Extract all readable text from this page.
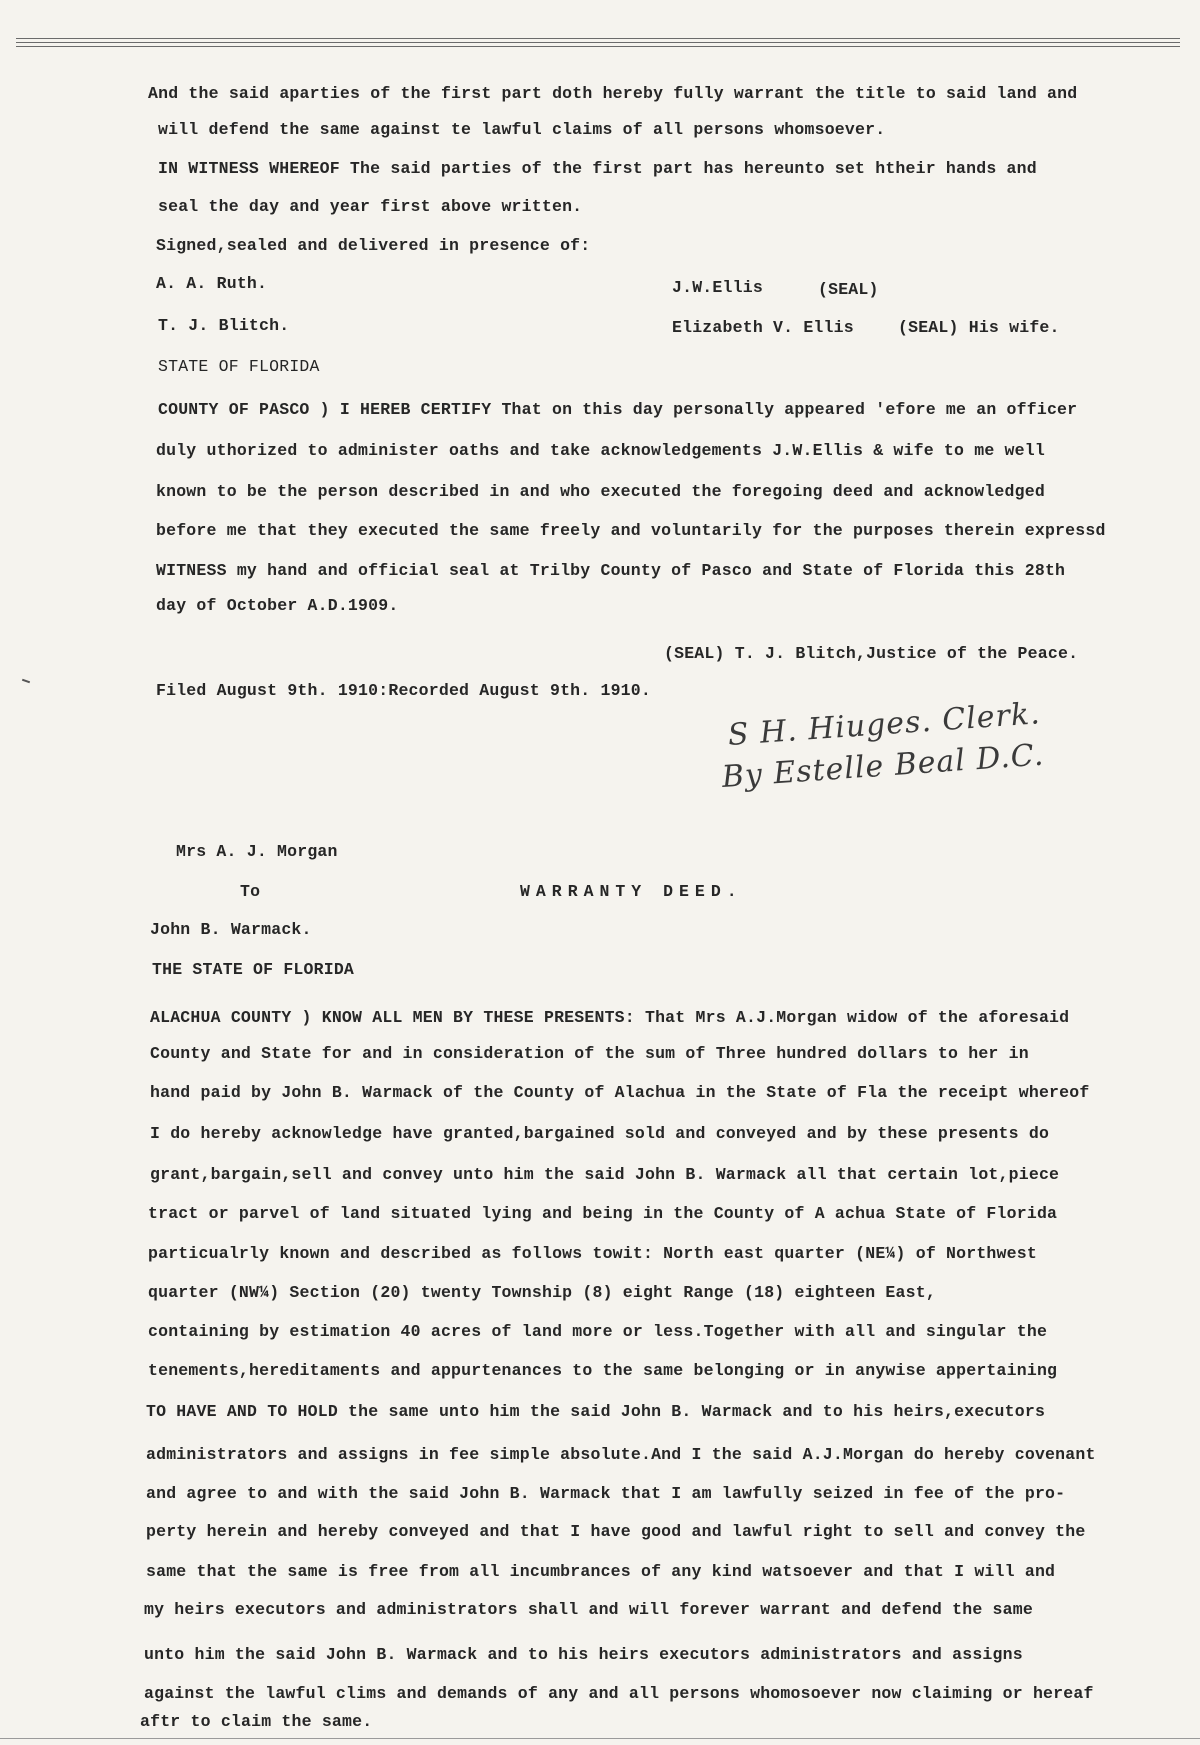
And the said aparties of the first part doth hereby fully warrant the title to said land and
will defend the same against te lawful claims of all persons whomsoever.
IN WITNESS WHEREOF The said parties of the first part has hereunto set htheir hands and
seal the day and year first above written.
Signed,sealed and delivered in presence of:
A. A. Ruth.	J.W.Ellis	(SEAL)
T. J. Blitch.	Elizabeth V. Ellis	(SEAL) His wife.
STATE OF FLORIDA
COUNTY OF PASCO ) I HEREB CERTIFY That on this day personally appeared 'efore me an officer
duly uthorized to administer oaths and take acknowledgements J.W.Ellis & wife to me well
known to be the person described in and who executed the foregoing deed and acknowledged
before me that they executed the same freely and voluntarily for the purposes therein expressd
WITNESS my hand and official seal at Trilby County of Pasco and State of Florida this 28th
day of October A.D.1909.
(SEAL) T. J. Blitch,Justice of the Peace.
Filed August 9th. 1910:Recorded August 9th. 1910.
S H. Hiuges. Clerk.
By Estelle Beal D.C.
Mrs A. J. Morgan
To	WARRANTY DEED.
John B. Warmack.
THE STATE OF FLORIDA
ALACHUA COUNTY ) KNOW ALL MEN BY THESE PRESENTS: That Mrs A.J.Morgan widow of the aforesaid
County and State for and in consideration of the sum of Three hundred dollars to her in
hand paid by John B. Warmack of the County of Alachua in the State of Fla the receipt whereof
I do hereby acknowledge have granted,bargained sold and conveyed and by these presents do
grant,bargain,sell and convey unto him the said John B. Warmack all that certain lot,piece
tract or parvel of land situated lying and being in the County of A achua State of Florida
particualrly known and described as follows towit: North east quarter (NE¼) of Northwest
quarter (NW¼) Section (20) twenty Township (8) eight Range (18) eighteen East,
containing by estimation 40 acres of land more or less.Together with all and singular the
tenements,hereditaments and appurtenances to the same belonging or in anywise appertaining
TO HAVE AND TO HOLD the same unto him the said John B. Warmack and to his heirs,executors
administrators and assigns in fee simple absolute.And I the said A.J.Morgan do hereby covenant
and agree to and with the said John B. Warmack that I am lawfully seized in fee of the pro-
perty herein and hereby conveyed and that I have good and lawful right to sell and convey the
same that the same is free from all incumbrances of any kind watsoever and that I will and
my heirs executors and administrators shall and will forever warrant and defend the same
unto him the said John B. Warmack and to his heirs executors administrators and assigns
against the lawful clims and demands of any and all persons whomosoever now claiming or hereaf
aftr to claim the same.
